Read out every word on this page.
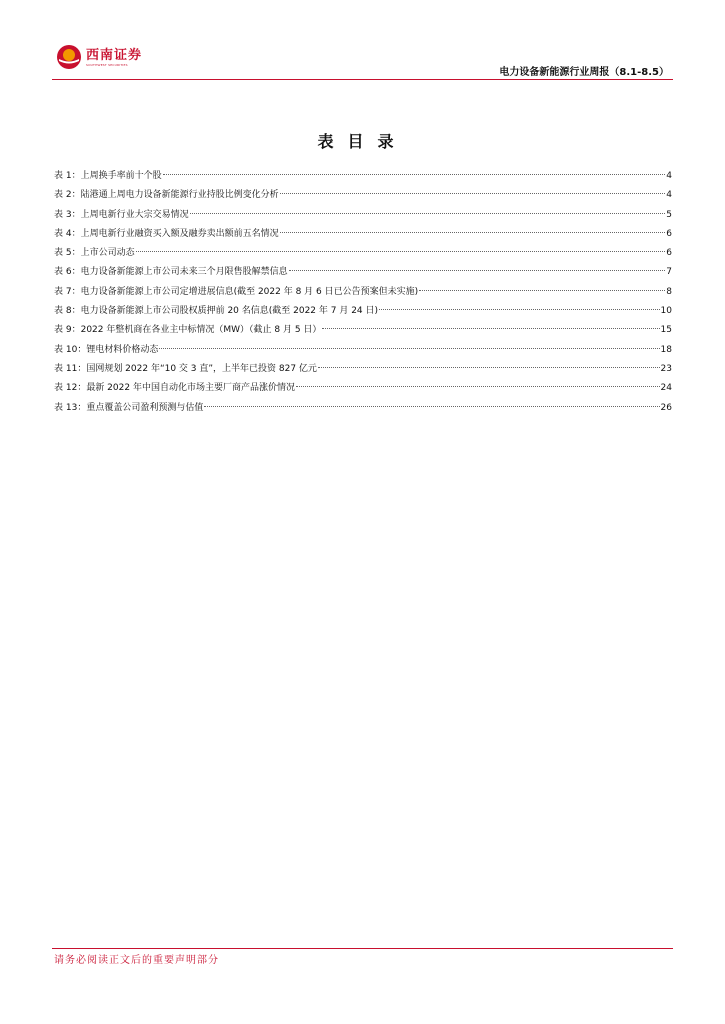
西南证券
SOUTHWEST SECURITIES
电力设备新能源行业周报（8.1-8.5）
表目录
表 1：上周换手率前十个股	4
表 2：陆港通上周电力设备新能源行业持股比例变化分析	4
表 3：上周电新行业大宗交易情况	5
表 4：上周电新行业融资买入额及融券卖出额前五名情况	6
表 5：上市公司动态	6
表 6：电力设备新能源上市公司未来三个月限售股解禁信息	7
表 7：电力设备新能源上市公司定增进展信息(截至 2022 年 8 月 6 日已公告预案但未实施)	8
表 8：电力设备新能源上市公司股权质押前 20 名信息(截至 2022 年 7 月 24 日)	10
表 9：2022 年整机商在各业主中标情况（MW）（截止 8 月 5 日）	15
表 10：锂电材料价格动态	18
表 11：国网规划 2022 年“10 交 3 直”，上半年已投资 827 亿元	23
表 12：最新 2022 年中国自动化市场主要厂商产品涨价情况	24
表 13：重点覆盖公司盈利预测与估值	26
请务必阅读正文后的重要声明部分
